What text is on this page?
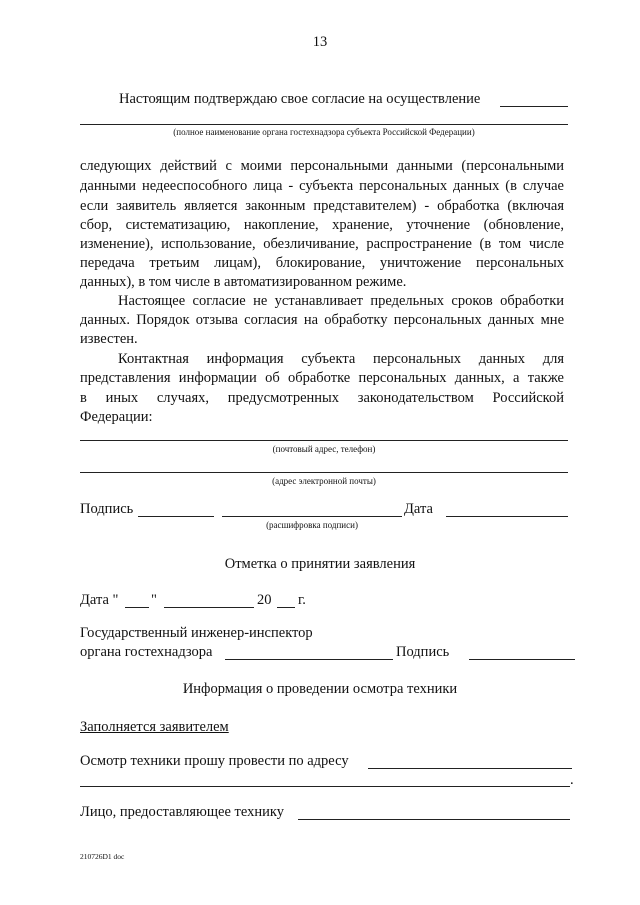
13
Настоящим подтверждаю свое согласие на осуществление
(полное наименование органа гостехнадзора субъекта Российской Федерации)
следующих действий с моими персональными данными (персональными
данными недееспособного лица - субъекта персональных данных (в случае
если заявитель является законным представителем) - обработка (включая
сбор, систематизацию, накопление, хранение, уточнение (обновление,
изменение), использование, обезличивание, распространение (в том числе
передача третьим лицам), блокирование, уничтожение персональных
данных), в том числе в автоматизированном режиме.
Настоящее согласие не устанавливает предельных сроков обработки
данных. Порядок отзыва согласия на обработку персональных данных мне
известен.
Контактная информация субъекта персональных данных для
представления информации об обработке персональных данных, а также
в иных случаях, предусмотренных законодательством Российской
Федерации:
(почтовый адрес, телефон)
(адрес электронной почты)
Подпись	Дата
(расшифровка подписи)
Отметка о принятии заявления
Дата " "	20 г.
Государственный инженер-инспектор
органа гостехнадзора	Подпись
Информация о проведении осмотра техники
Заполняется заявителем
Осмотр техники прошу провести по адресу
.
Лицо, предоставляющее технику
210726D1 doc
